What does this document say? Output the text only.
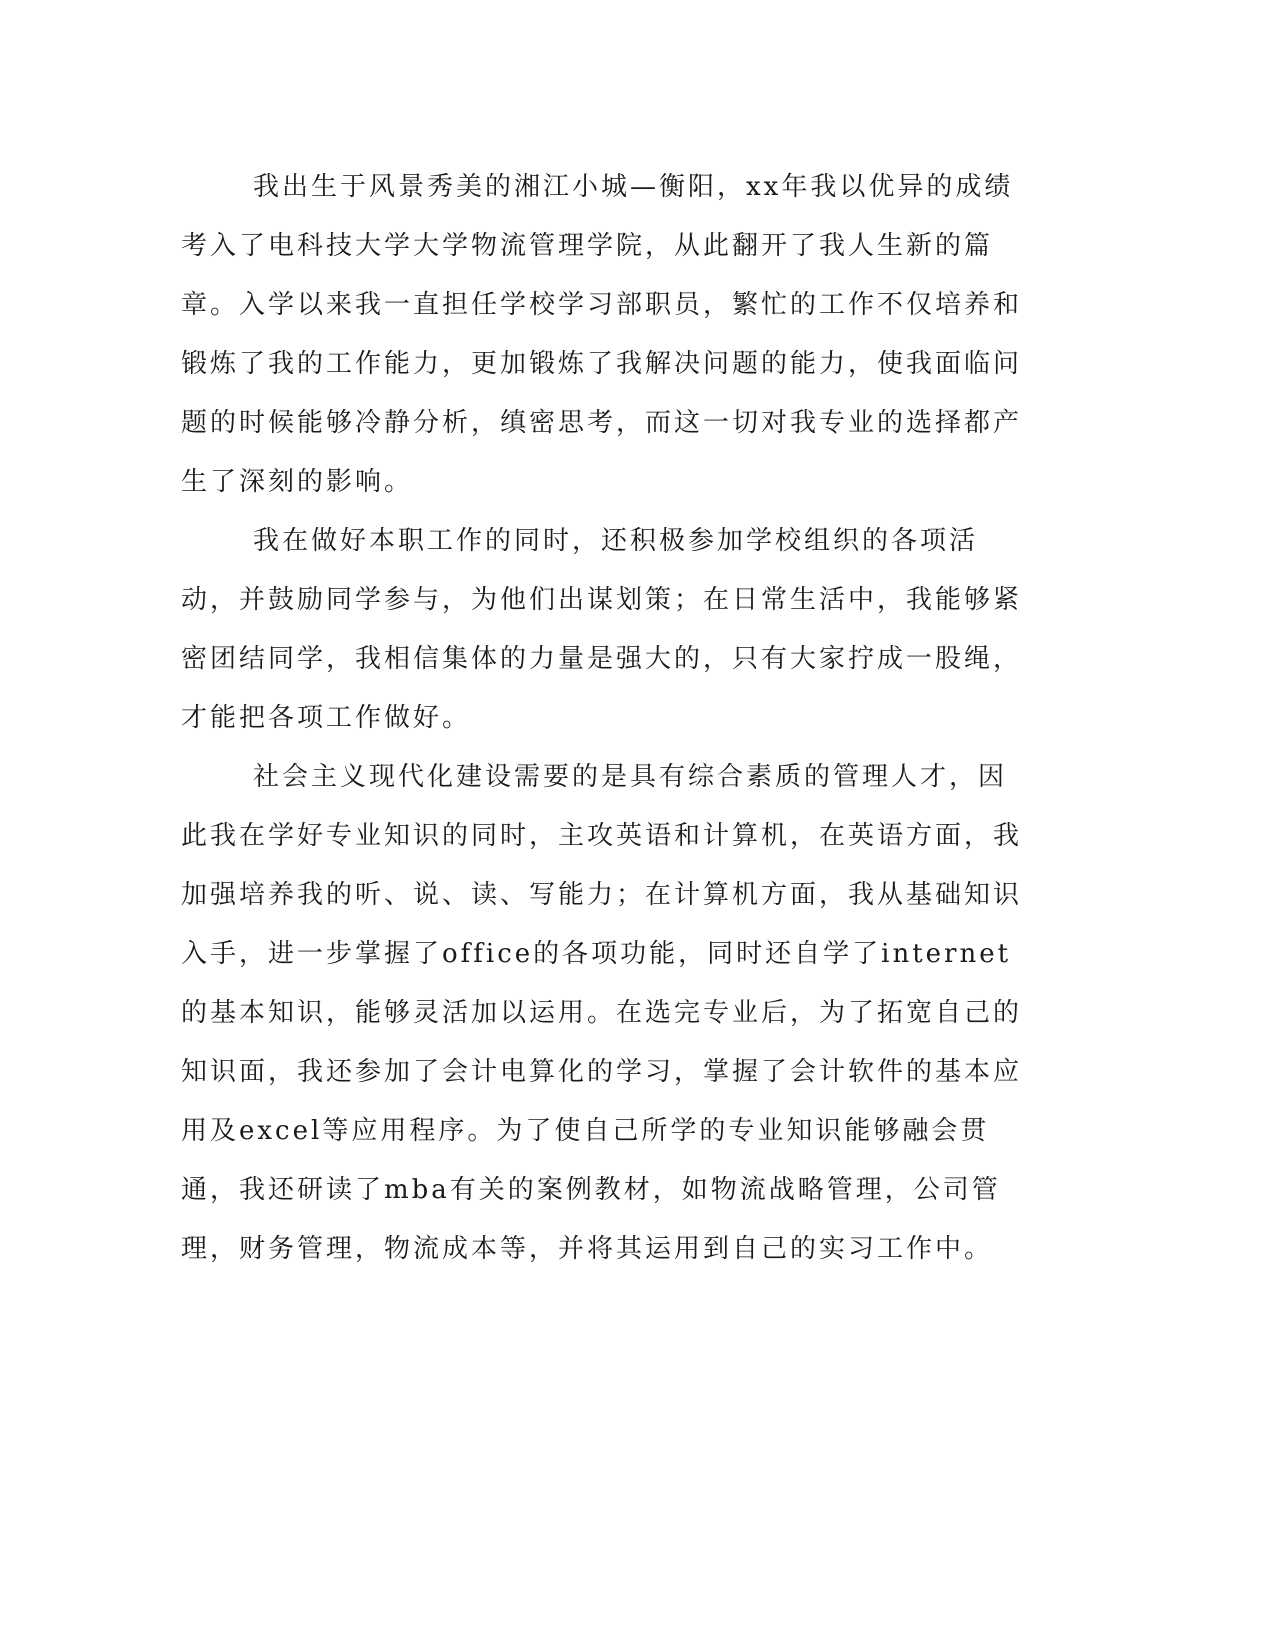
我出生于风景秀美的湘江小城—衡阳，xx年我以优异的成绩考入了电科技大学大学物流管理学院，从此翻开了我人生新的篇章。入学以来我一直担任学校学习部职员，繁忙的工作不仅培养和锻炼了我的工作能力，更加锻炼了我解决问题的能力，使我面临问题的时候能够冷静分析，缜密思考，而这一切对我专业的选择都产生了深刻的影响。

我在做好本职工作的同时，还积极参加学校组织的各项活动，并鼓励同学参与，为他们出谋划策；在日常生活中，我能够紧密团结同学，我相信集体的力量是强大的，只有大家拧成一股绳，才能把各项工作做好。

社会主义现代化建设需要的是具有综合素质的管理人才，因此我在学好专业知识的同时，主攻英语和计算机，在英语方面，我加强培养我的听、说、读、写能力；在计算机方面，我从基础知识入手，进一步掌握了office的各项功能，同时还自学了internet的基本知识，能够灵活加以运用。在选完专业后，为了拓宽自己的知识面，我还参加了会计电算化的学习，掌握了会计软件的基本应用及excel等应用程序。为了使自己所学的专业知识能够融会贯通，我还研读了mba有关的案例教材，如物流战略管理，公司管理，财务管理，物流成本等，并将其运用到自己的实习工作中。
